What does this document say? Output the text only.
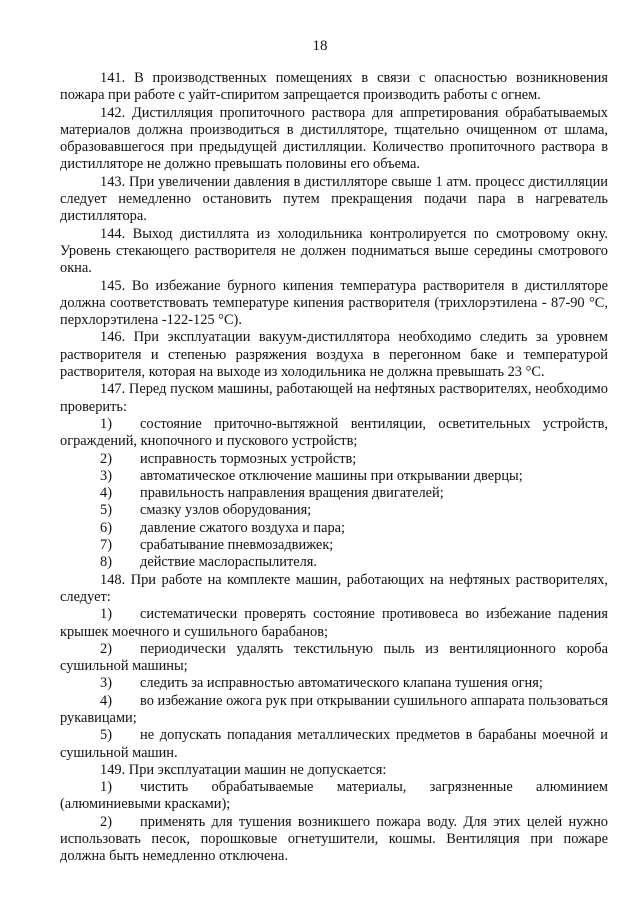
18

141. В производственных помещениях в связи с опасностью возникновения пожара при работе с уайт-спиритом запрещается производить работы с огнем.

142. Дистилляция пропиточного раствора для аппретирования обрабатываемых материалов должна производиться в дистилляторе, тщательно очищенном от шлама, образовавшегося при предыдущей дистилляции. Количество пропиточного раствора в дистилляторе не должно превышать половины его объема.

143. При увеличении давления в дистилляторе свыше 1 атм. процесс дистилляции следует немедленно остановить путем прекращения подачи пара в нагреватель дистиллятора.

144. Выход дистиллята из холодильника контролируется по смотровому окну. Уровень стекающего растворителя не должен подниматься выше середины смотрового окна.

145. Во избежание бурного кипения температура растворителя в дистилляторе должна соответствовать температуре кипения растворителя (трихлорэтилена - 87-90 °С, перхлорэтилена -122-125 °С).

146. При эксплуатации вакуум-дистиллятора необходимо следить за уровнем растворителя и степенью разряжения воздуха в перегонном баке и температурой растворителя, которая на выходе из холодильника не должна превышать 23 °С.

147. Перед пуском машины, работающей на нефтяных растворителях, необходимо проверить:

1) состояние приточно-вытяжной вентиляции, осветительных устройств, ограждений, кнопочного и пускового устройств;

2) исправность тормозных устройств;

3) автоматическое отключение машины при открывании дверцы;

4) правильность направления вращения двигателей;

5) смазку узлов оборудования;

6) давление сжатого воздуха и пара;

7) срабатывание пневмозадвижек;

8) действие маслораспылителя.

148. При работе на комплекте машин, работающих на нефтяных растворителях, следует:

1) систематически проверять состояние противовеса во избежание падения крышек моечного и сушильного барабанов;

2) периодически удалять текстильную пыль из вентиляционного короба сушильной машины;

3) следить за исправностью автоматического клапана тушения огня;

4) во избежание ожога рук при открывании сушильного аппарата пользоваться рукавицами;

5) не допускать попадания металлических предметов в барабаны моечной и сушильной машин.

149. При эксплуатации машин не допускается:

1) чистить обрабатываемые материалы, загрязненные алюминием (алюминиевыми красками);

2) применять для тушения возникшего пожара воду. Для этих целей нужно использовать песок, порошковые огнетушители, кошмы. Вентиляция при пожаре должна быть немедленно отключена.
